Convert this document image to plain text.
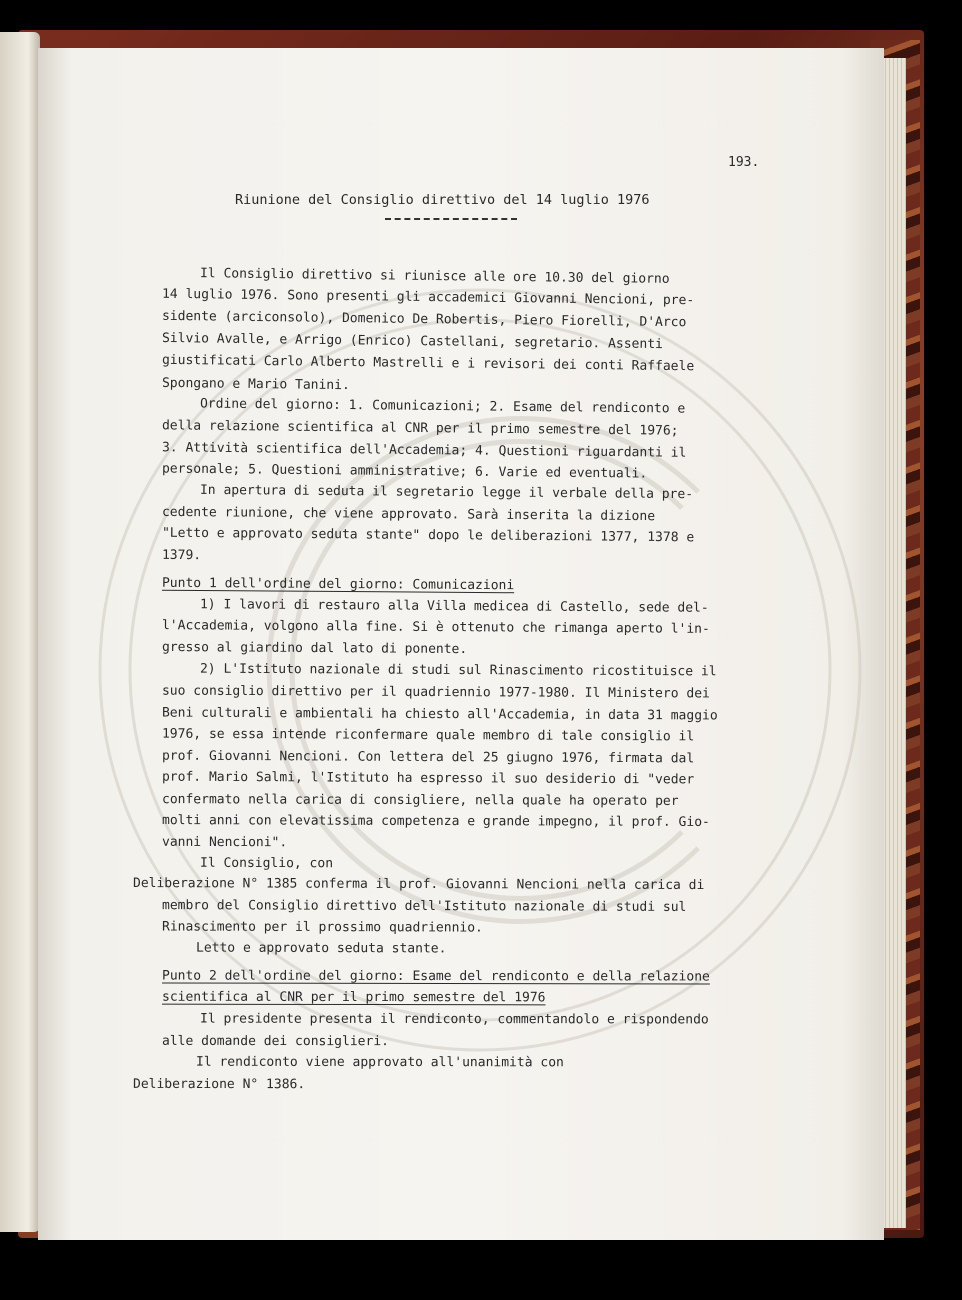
193.
Riunione del Consiglio direttivo del 14 luglio 1976
Il Consiglio direttivo si riunisce alle ore 10.30 del giorno
14 luglio 1976. Sono presenti gli accademici Giovanni Nencioni, pre-
sidente (arciconsolo), Domenico De Robertis, Piero Fiorelli, D'Arco
Silvio Avalle, e Arrigo (Enrico) Castellani, segretario. Assenti
giustificati Carlo Alberto Mastrelli e i revisori dei conti Raffaele
Spongano e Mario Tanini.
Ordine del giorno: 1. Comunicazioni; 2. Esame del rendiconto e
della relazione scientifica al CNR per il primo semestre del 1976;
3. Attività scientifica dell'Accademia; 4. Questioni riguardanti il
personale; 5. Questioni amministrative; 6. Varie ed eventuali.
In apertura di seduta il segretario legge il verbale della pre-
cedente riunione, che viene approvato. Sarà inserita la dizione
"Letto e approvato seduta stante" dopo le deliberazioni 1377, 1378 e
1379.
Punto 1 dell'ordine del giorno: Comunicazioni
1) I lavori di restauro alla Villa medicea di Castello, sede del-
l'Accademia, volgono alla fine. Si è ottenuto che rimanga aperto l'in-
gresso al giardino dal lato di ponente.
2) L'Istituto nazionale di studi sul Rinascimento ricostituisce il
suo consiglio direttivo per il quadriennio 1977-1980. Il Ministero dei
Beni culturali e ambientali ha chiesto all'Accademia, in data 31 maggio
1976, se essa intende riconfermare quale membro di tale consiglio il
prof. Giovanni Nencioni. Con lettera del 25 giugno 1976, firmata dal
prof. Mario Salmi, l'Istituto ha espresso il suo desiderio di "veder
confermato nella carica di consigliere, nella quale ha operato per
molti anni con elevatissima competenza e grande impegno, il prof. Gio-
vanni Nencioni".
Il Consiglio, con
Deliberazione N° 1385 conferma il prof. Giovanni Nencioni nella carica di
membro del Consiglio direttivo dell'Istituto nazionale di studi sul
Rinascimento per il prossimo quadriennio.
Letto e approvato seduta stante.
Punto 2 dell'ordine del giorno: Esame del rendiconto e della relazione
scientifica al CNR per il primo semestre del 1976
Il presidente presenta il rendiconto, commentandolo e rispondendo
alle domande dei consiglieri.
Il rendiconto viene approvato all'unanimità con
Deliberazione N° 1386.
